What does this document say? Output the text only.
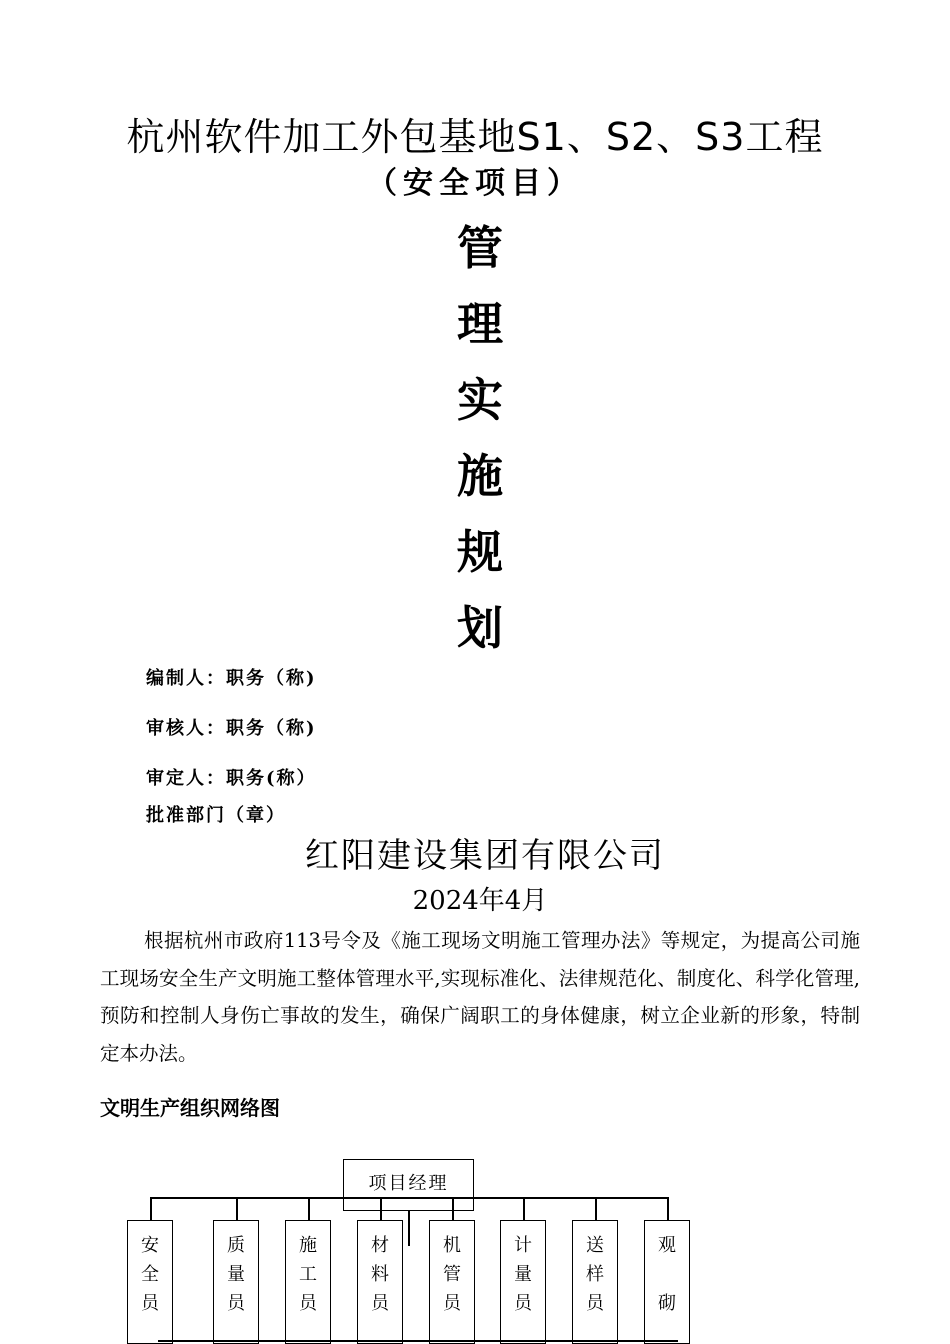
杭州软件加工外包基地S1、S2、S3工程
（安全项目）
管
理
实
施
规
划
编制人：职务（称)
审核人：职务（称)
审定人：职务(称）
批准部门（章）
红阳建设集团有限公司
2024年4月
根据杭州市政府113号令及《施工现场文明施工管理办法》等规定，为提高公司施工现场安全生产文明施工整体管理水平,实现标准化、法律规范化、制度化、科学化管理,预防和控制人身伤亡事故的发生，确保广阔职工的身体健康，树立企业新的形象，特制定本办法。
文明生产组织网络图
项目经理
安
全
员
质
量
员
施
工
员
材
料
员
机
管
员
计
量
员
送
样
员
观

砌
